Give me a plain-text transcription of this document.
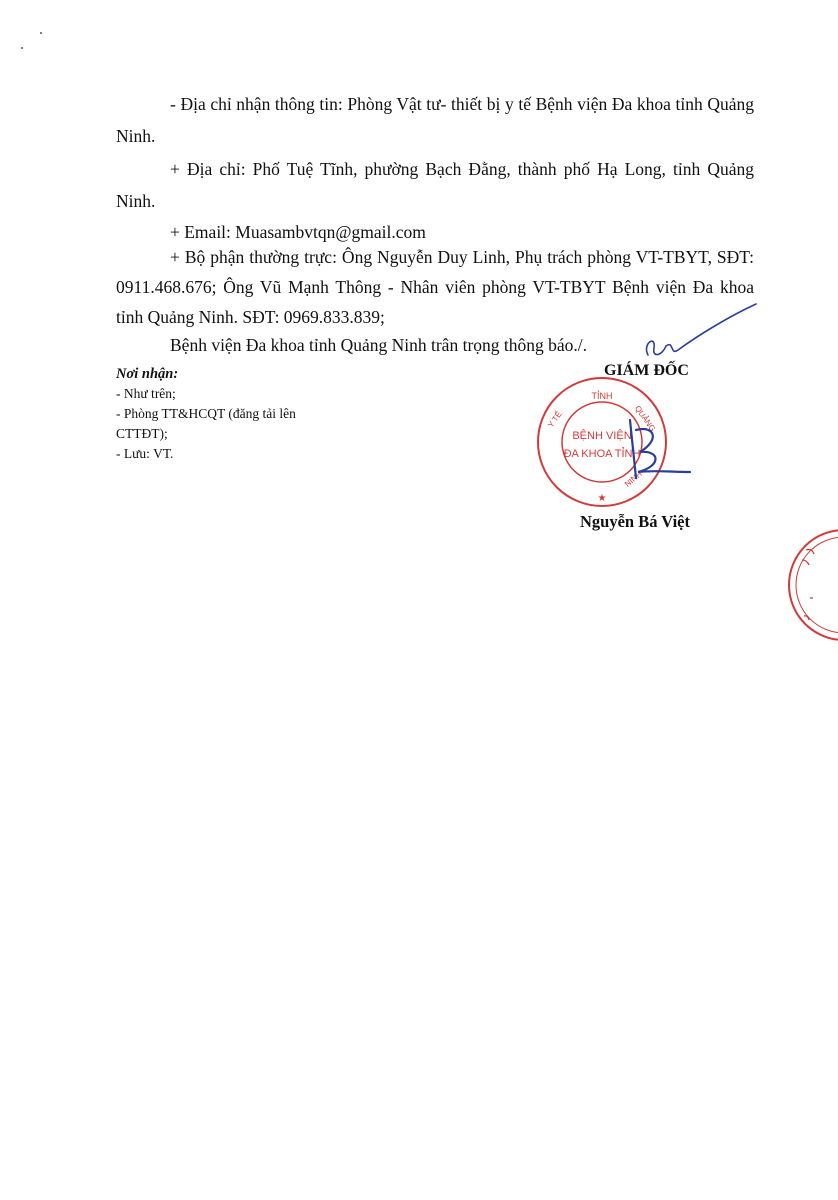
- Địa chỉ nhận thông tin: Phòng Vật tư- thiết bị y tế Bệnh viện Đa khoa tỉnh Quảng Ninh.

+ Địa chỉ: Phố Tuệ Tĩnh, phường Bạch Đằng, thành phố Hạ Long, tỉnh Quảng Ninh.

+ Email: Muasambvtqn@gmail.com

+ Bộ phận thường trực: Ông Nguyễn Duy Linh, Phụ trách phòng VT-TBYT, SĐT: 0911.468.676; Ông Vũ Mạnh Thông - Nhân viên phòng VT-TBYT Bệnh viện Đa khoa tỉnh Quảng Ninh. SĐT: 0969.833.839;

Bệnh viện Đa khoa tỉnh Quảng Ninh trân trọng thông báo./.

Nơi nhận:
- Như trên;
- Phòng TT&HCQT (đăng tải lên CTTĐT);
- Lưu: VT.
GIÁM ĐỐC
TỈNH
QUẢNG
Y TẾ
NINH
BỆNH VIỆN
ĐA KHOA TỈNH
★
Nguyễn Bá Việt
